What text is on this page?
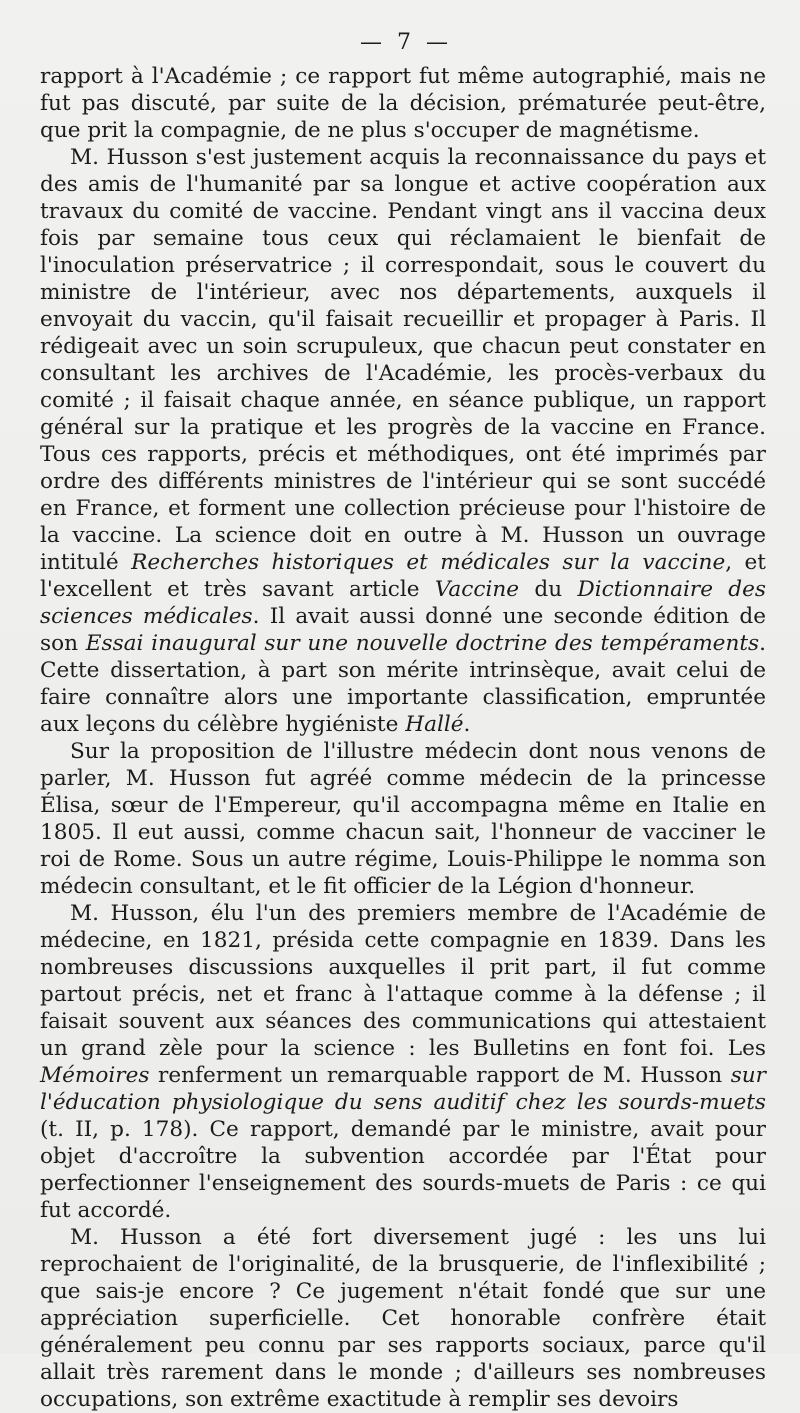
— 7 —

rapport à l'Académie ; ce rapport fut même autographié, mais ne fut pas discuté, par suite de la décision, prématurée peut-être, que prit la compagnie, de ne plus s'occuper de magnétisme.

M. Husson s'est justement acquis la reconnaissance du pays et des amis de l'humanité par sa longue et active coopération aux travaux du comité de vaccine. Pendant vingt ans il vaccina deux fois par semaine tous ceux qui réclamaient le bienfait de l'inoculation préservatrice ; il correspondait, sous le couvert du ministre de l'intérieur, avec nos départements, auxquels il envoyait du vaccin, qu'il faisait recueillir et propager à Paris. Il rédigeait avec un soin scrupuleux, que chacun peut constater en consultant les archives de l'Académie, les procès-verbaux du comité ; il faisait chaque année, en séance publique, un rapport général sur la pratique et les progrès de la vaccine en France. Tous ces rapports, précis et méthodiques, ont été imprimés par ordre des différents ministres de l'intérieur qui se sont succédé en France, et forment une collection précieuse pour l'histoire de la vaccine. La science doit en outre à M. Husson un ouvrage intitulé Recherches historiques et médicales sur la vaccine, et l'excellent et très savant article Vaccine du Dictionnaire des sciences médicales. Il avait aussi donné une seconde édition de son Essai inaugural sur une nouvelle doctrine des tempéraments. Cette dissertation, à part son mérite intrinsèque, avait celui de faire connaître alors une importante classification, empruntée aux leçons du célèbre hygiéniste Hallé.

Sur la proposition de l'illustre médecin dont nous venons de parler, M. Husson fut agréé comme médecin de la princesse Élisa, sœur de l'Empereur, qu'il accompagna même en Italie en 1805. Il eut aussi, comme chacun sait, l'honneur de vacciner le roi de Rome. Sous un autre régime, Louis-Philippe le nomma son médecin consultant, et le fit officier de la Légion d'honneur.

M. Husson, élu l'un des premiers membre de l'Académie de médecine, en 1821, présida cette compagnie en 1839. Dans les nombreuses discussions auxquelles il prit part, il fut comme partout précis, net et franc à l'attaque comme à la défense ; il faisait souvent aux séances des communications qui attestaient un grand zèle pour la science : les Bulletins en font foi. Les Mémoires renferment un remarquable rapport de M. Husson sur l'éducation physiologique du sens auditif chez les sourds-muets (t. II, p. 178). Ce rapport, demandé par le ministre, avait pour objet d'accroître la subvention accordée par l'État pour perfectionner l'enseignement des sourds-muets de Paris : ce qui fut accordé.

M. Husson a été fort diversement jugé : les uns lui reprochaient de l'originalité, de la brusquerie, de l'inflexibilité ; que sais-je encore ? Ce jugement n'était fondé que sur une appréciation superficielle. Cet honorable confrère était généralement peu connu par ses rapports sociaux, parce qu'il allait très rarement dans le monde ; d'ailleurs ses nombreuses occupations, son extrême exactitude à remplir ses devoirs
